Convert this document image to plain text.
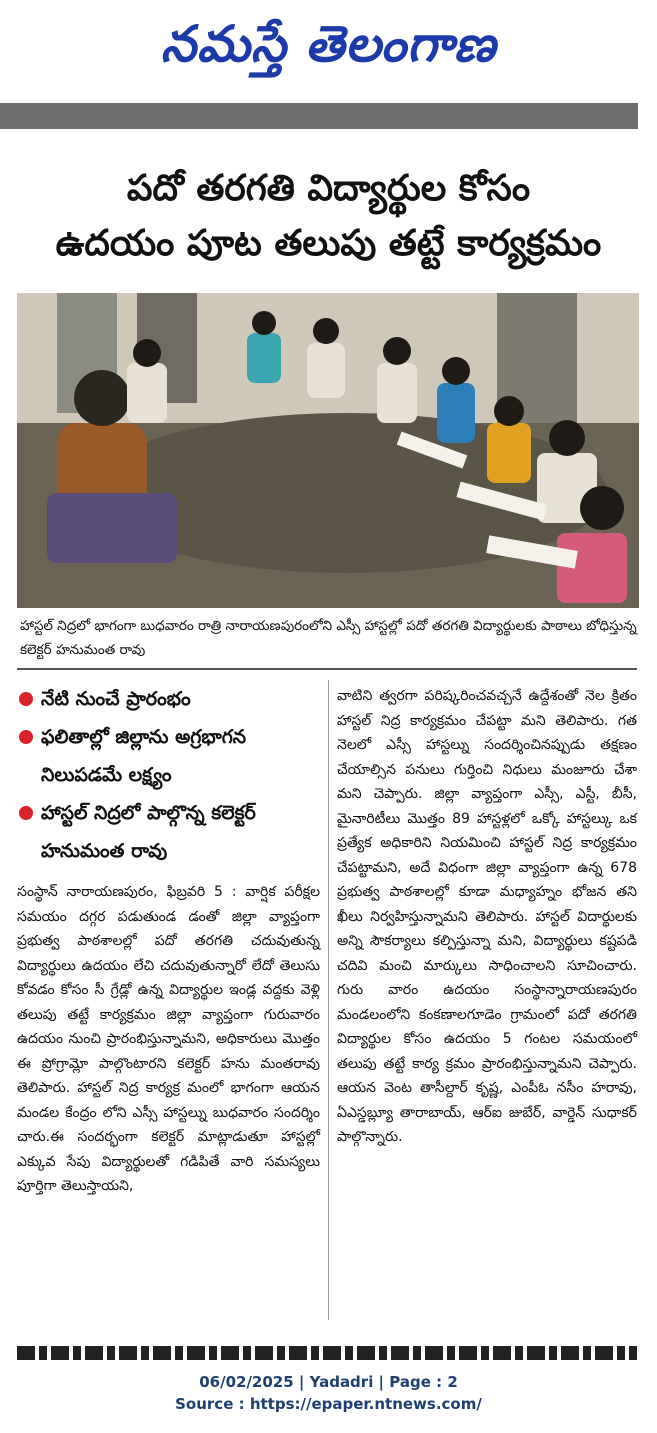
నమస్తే తెలంగాణ
పదో తరగతి విద్యార్థుల కోసం
ఉదయం పూట తలుపు తట్టే కార్యక్రమం
హాస్టల్ నిద్రలో భాగంగా బుధవారం రాత్రి నారాయణపురంలోని ఎస్సీ హాస్టల్లో పదో తరగతి విద్యార్థులకు పాఠాలు బోధిస్తున్న కలెక్టర్ హనుమంత రావు
నేటి నుంచే ప్రారంభం
ఫలితాల్లో జిల్లాను అగ్రభాగన నిలుపడమే లక్ష్యం
హాస్టల్ నిద్రలో పాల్గొన్న కలెక్టర్ హనుమంత రావు
సంస్థాన్ నారాయణపురం, ఫిబ్రవరి 5 : వార్షిక పరీక్షల సమయం దగ్గర పడుతుండ డంతో జిల్లా వ్యాప్తంగా ప్రభుత్వ పాఠశాలల్లో పదో తరగతి చదువుతున్న విద్యార్థులు ఉదయం లేచి చదువుతున్నారో లేదో తెలుసు కోవడం కోసం సీ గ్రేడ్లో ఉన్న విద్యార్థుల ఇండ్ల వద్దకు వెళ్లి తలుపు తట్టే కార్యక్రమం జిల్లా వ్యాప్తంగా గురువారం ఉదయం నుంచి ప్రారంభిస్తున్నామని, అధికారులు మొత్తం ఈ ప్రోగ్రామ్లో పాల్గొంటారని కలెక్టర్ హను మంతరావు తెలిపారు. హాస్టల్ నిద్ర కార్యక్ర మంలో భాగంగా ఆయన మండల కేంద్రం లోని ఎస్సీ హాస్టల్ను బుధవారం సందర్శిం చారు.ఈ సందర్భంగా కలెక్టర్ మాట్లాడుతూ హాస్టల్లో ఎక్కువ సేపు విద్యార్థులతో గడిపితే వారి సమస్యలు పూర్తిగా తెలుస్తాయని,
వాటిని త్వరగా పరిష్కరించవచ్చనే ఉద్దేశంతో నెల క్రితం హాస్టల్ నిద్ర కార్యక్రమం చేపట్టా మని తెలిపారు. గత నెలలో ఎస్సీ హాస్టల్ను సందర్శించినప్పుడు తక్షణం చేయాల్సిన పనులు గుర్తించి నిధులు మంజూరు చేశా మని చెప్పారు. జిల్లా వ్యాప్తంగా ఎస్సీ, ఎస్టీ, బీసీ, మైనారిటీలు మొత్తం 89 హాస్టళ్లలో ఒక్కో హాస్టల్కు ఒక ప్రత్యేక అధికారిని నియమించి హాస్టల్ నిద్ర కార్యక్రమం చేపట్టామని, అదే విధంగా జిల్లా వ్యాప్తంగా ఉన్న 678 ప్రభుత్వ పాఠశాలల్లో కూడా మధ్యాహ్నం భోజన తని ఖీలు నిర్వహిస్తున్నామని తెలిపారు. హాస్టల్ విదార్థులకు అన్ని సౌకర్యాలు కల్పిస్తున్నా మని, విద్యార్థులు కష్టపడి చదివి మంచి మార్కులు సాధించాలని సూచించారు. గురు వారం ఉదయం సంస్థాన్నారాయణపురం మండలంలోని కంకణాలగూడెం గ్రామంలో పదో తరగతి విద్యార్థుల కోసం ఉదయం 5 గంటల సమయంలో తలుపు తట్టే కార్య క్రమం ప్రారంభిస్తున్నామని చెప్పారు. ఆయన వెంట తాసీల్దార్ కృష్ణ, ఎంపీఓ నసీం హరావు, ఏఎస్డబ్ల్యూ తారాబాయ్, ఆర్ఐ జుబేర్, వార్డెన్ సుధాకర్ పాల్గొన్నారు.
06/02/2025 | Yadadri | Page : 2
Source : https://epaper.ntnews.com/
